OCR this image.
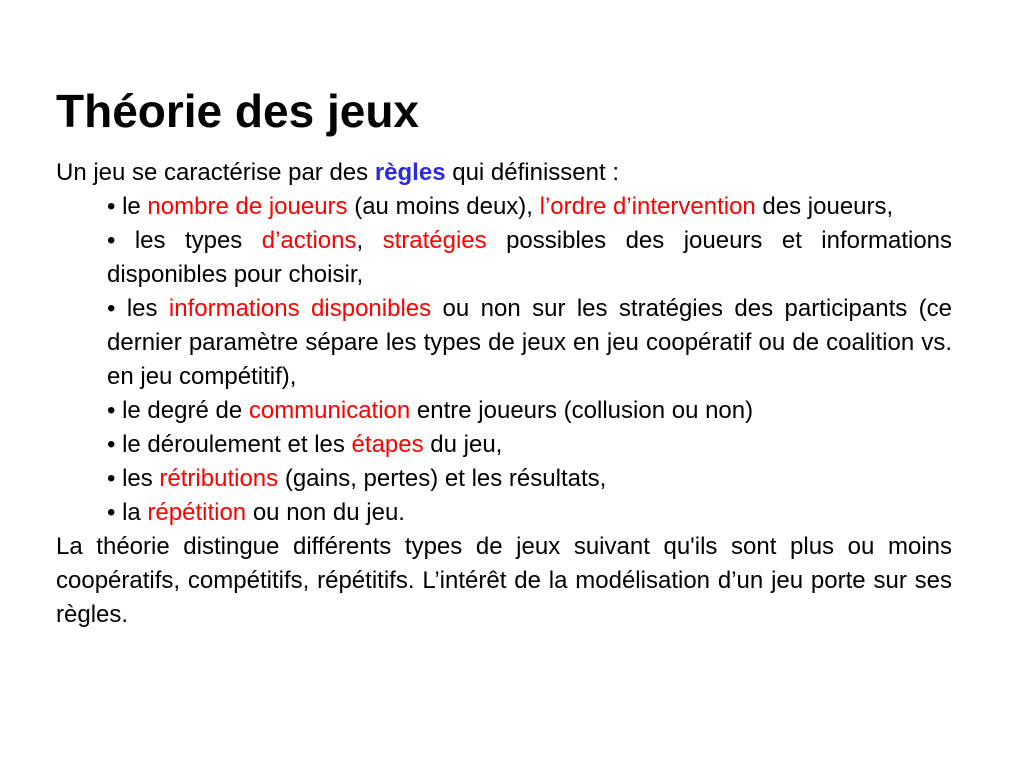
Théorie des jeux

Un jeu se caractérise par des règles qui définissent :

• le nombre de joueurs (au moins deux), l’ordre d’intervention des joueurs,
• les types d’actions, stratégies possibles des joueurs et informations disponibles pour choisir,
• les informations disponibles ou non sur les stratégies des participants (ce dernier paramètre sépare les types de jeux en jeu coopératif ou de coalition vs. en jeu compétitif),
• le degré de communication entre joueurs (collusion ou non)
• le déroulement et les étapes du jeu,
• les rétributions (gains, pertes) et les résultats,
• la répétition ou non du jeu.

La théorie distingue différents types de jeux suivant qu'ils sont plus ou moins coopératifs, compétitifs, répétitifs. L’intérêt de la modélisation d’un jeu porte sur ses règles.
